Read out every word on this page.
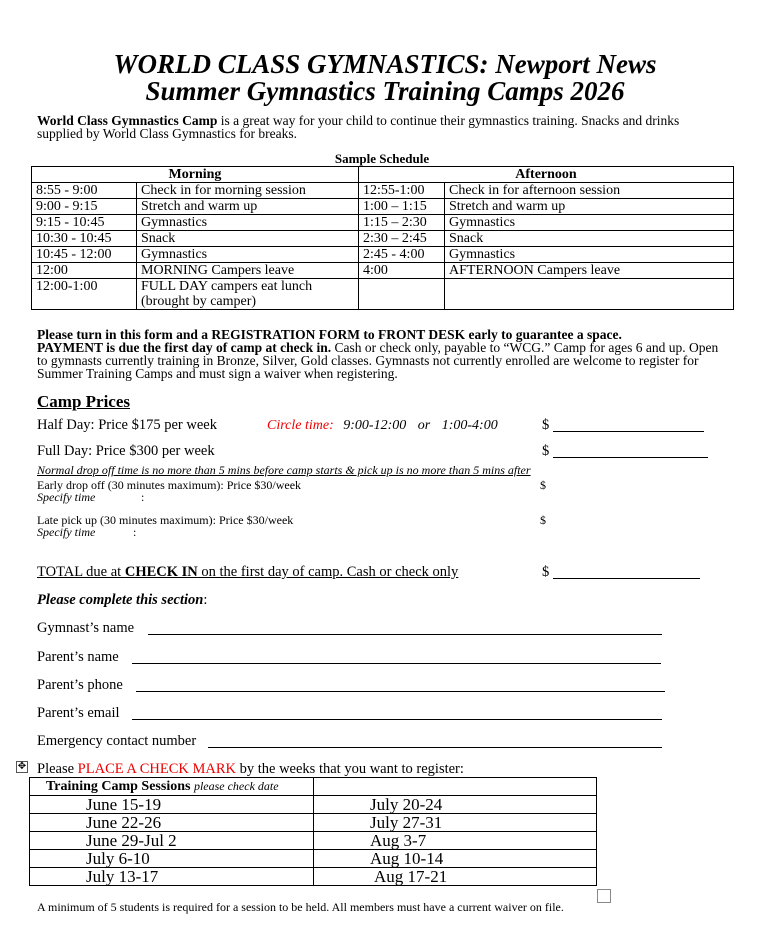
WORLD CLASS GYMNASTICS: Newport News
Summer Gymnastics Training Camps 2026
World Class Gymnastics Camp is a great way for your child to continue their gymnastics training. Snacks and drinks supplied by World Class Gymnastics for breaks.
Sample Schedule
Morning		Afternoon	
8:55 - 9:00	Check in for morning session	12:55-1:00	Check in for afternoon session
9:00 - 9:15	Stretch and warm up	1:00 – 1:15	Stretch and warm up
9:15 - 10:45	Gymnastics	1:15 – 2:30	Gymnastics
10:30 - 10:45	Snack	2:30 – 2:45	Snack
10:45 - 12:00	Gymnastics	2:45 - 4:00	Gymnastics
12:00	MORNING Campers leave	4:00	AFTERNOON Campers leave
12:00-1:00	FULL DAY campers eat lunch (brought by camper)		
Please turn in this form and a REGISTRATION FORM to FRONT DESK early to guarantee a space.
PAYMENT is due the first day of camp at check in. Cash or check only, payable to “WCG.” Camp for ages 6 and up. Open to gymnasts currently training in Bronze, Silver, Gold classes. Gymnasts not currently enrolled are welcome to register for Summer Training Camps and must sign a waiver when registering.
Camp Prices
Half Day: Price $175 per week	Circle time: 9:00-12:00 or 1:00-4:00	$
Full Day: Price $300 per week	$
Normal drop off time is no more than 5 mins before camp starts & pick up is no more than 5 mins after
Early drop off (30 minutes maximum): Price $30/week	$
Specify time	:
Late pick up (30 minutes maximum): Price $30/week	$
Specify time	:
TOTAL due at CHECK IN on the first day of camp. Cash or check only	$
Please complete this section:
Gymnast’s name
Parent’s name
Parent’s phone
Parent’s email
Emergency contact number
✥ Please PLACE A CHECK MARK by the weeks that you want to register:
Training Camp Sessions please check date	
June 15-19	July 20-24
June 22-26	July 27-31
June 29-Jul 2	Aug 3-7
July 6-10	Aug 10-14
July 13-17	Aug 17-21
A minimum of 5 students is required for a session to be held. All members must have a current waiver on file.
